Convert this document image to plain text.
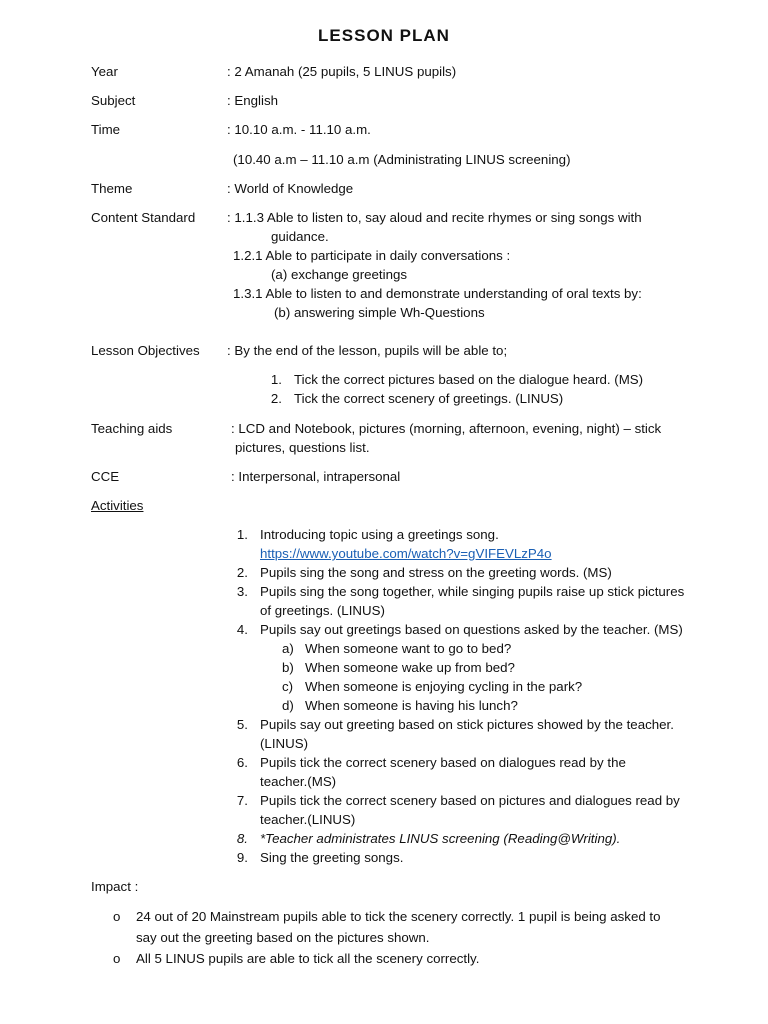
LESSON PLAN
Year	: 2 Amanah (25 pupils, 5 LINUS pupils)
Subject	: English
Time	: 10.10 a.m. - 11.10 a.m.
(10.40 a.m – 11.10 a.m (Administrating LINUS screening)
Theme	: World of Knowledge
Content Standard : 1.1.3 Able to listen to, say aloud and recite rhymes or sing songs with
guidance.
1.2.1 Able to participate in daily conversations :
(a) exchange greetings
1.3.1 Able to listen to and demonstrate understanding of oral texts by:
(b) answering simple Wh-Questions
Lesson Objectives : By the end of the lesson, pupils will be able to;
1. Tick the correct pictures based on the dialogue heard. (MS)
2. Tick the correct scenery of greetings. (LINUS)
Teaching aids	: LCD and Notebook, pictures (morning, afternoon, evening, night) – stick
pictures, questions list.
CCE	: Interpersonal, intrapersonal
Activities
1. Introducing topic using a greetings song.
https://www.youtube.com/watch?v=gVIFEVLzP4o
2. Pupils sing the song and stress on the greeting words. (MS)
3. Pupils sing the song together, while singing pupils raise up stick pictures
of greetings. (LINUS)
4. Pupils say out greetings based on questions asked by the teacher. (MS)
a) When someone want to go to bed?
b) When someone wake up from bed?
c) When someone is enjoying cycling in the park?
d) When someone is having his lunch?
5. Pupils say out greeting based on stick pictures showed by the teacher.
(LINUS)
6. Pupils tick the correct scenery based on dialogues read by the
teacher.(MS)
7. Pupils tick the correct scenery based on pictures and dialogues read by
teacher.(LINUS)
8. *Teacher administrates LINUS screening (Reading@Writing).
9. Sing the greeting songs.
Impact :
o 24 out of 20 Mainstream pupils able to tick the scenery correctly. 1 pupil is being asked to
say out the greeting based on the pictures shown.
o All 5 LINUS pupils are able to tick all the scenery correctly.
